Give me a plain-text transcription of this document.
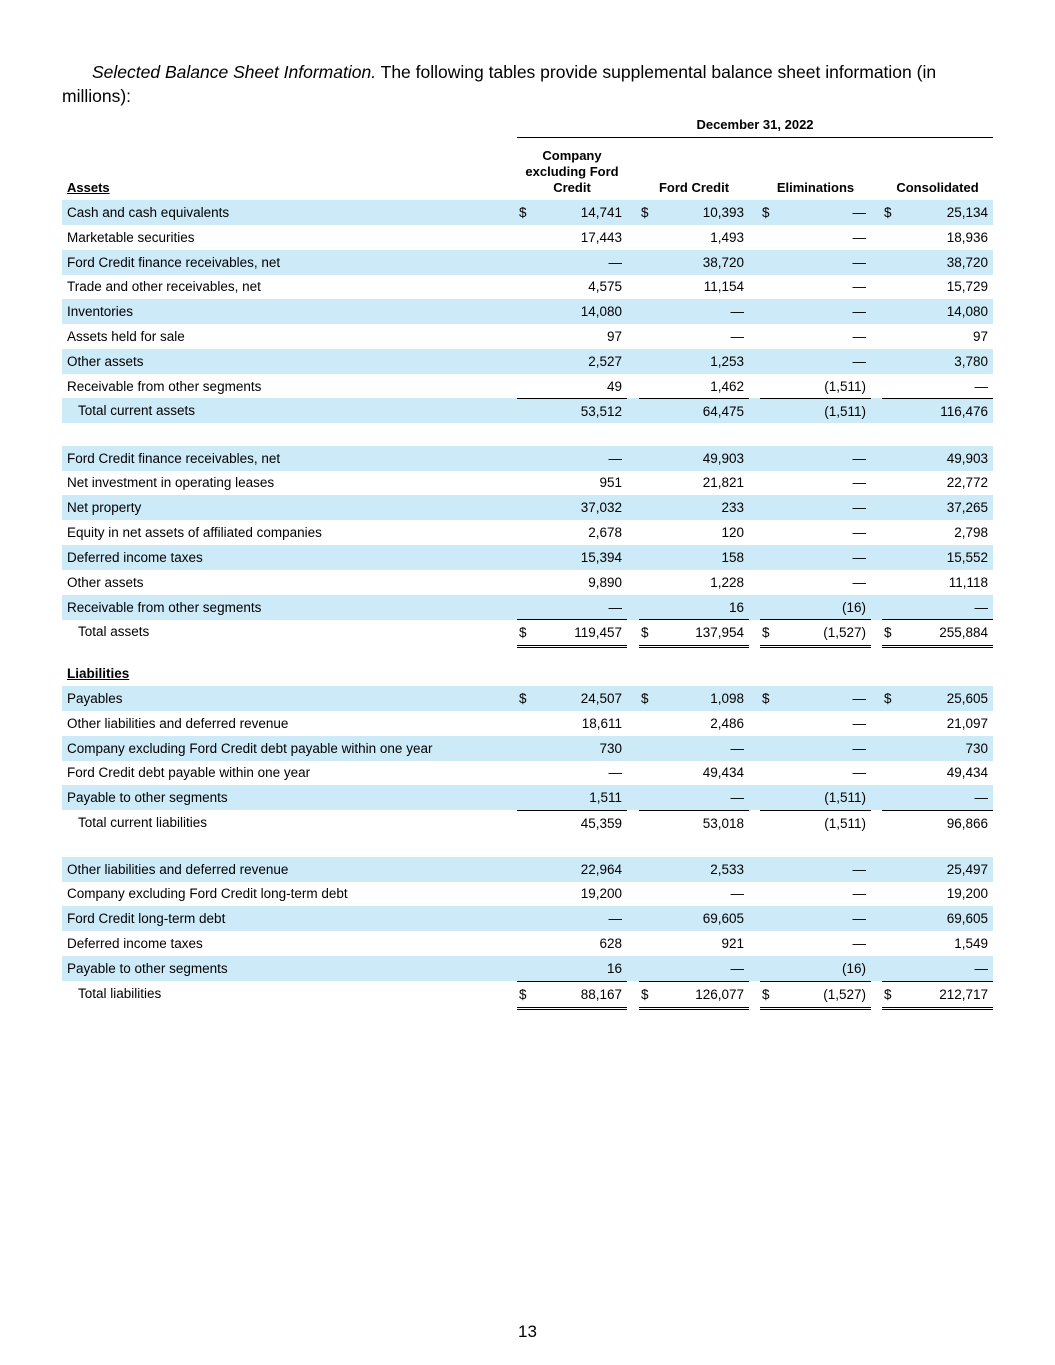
Selected Balance Sheet Information. The following tables provide supplemental balance sheet information (in millions):
December 31, 2022
Assets
Company excluding Ford Credit	Ford Credit	Eliminations	Consolidated
Cash and cash equivalents	$	14,741 $	10,393 $	— $	25,134
Marketable securities	17,443	1,493	—	18,936
Ford Credit finance receivables, net	—	38,720	—	38,720
Trade and other receivables, net	4,575	11,154	—	15,729
Inventories	14,080	—	—	14,080
Assets held for sale	97	—	—	97
Other assets	2,527	1,253	—	3,780
Receivable from other segments	49	1,462	(1,511)	—
Total current assets	53,512	64,475	(1,511)	116,476
Ford Credit finance receivables, net	—	49,903	—	49,903
Net investment in operating leases	951	21,821	—	22,772
Net property	37,032	233	—	37,265
Equity in net assets of affiliated companies	2,678	120	—	2,798
Deferred income taxes	15,394	158	—	15,552
Other assets	9,890	1,228	—	11,118
Receivable from other segments	—	16	(16)	—
Total assets	$	119,457 $	137,954 $	(1,527) $	255,884
Liabilities
Payables	$	24,507 $	1,098 $	— $	25,605
Other liabilities and deferred revenue	18,611	2,486	—	21,097
Company excluding Ford Credit debt payable within one year	730	—	—	730
Ford Credit debt payable within one year	—	49,434	—	49,434
Payable to other segments	1,511	—	(1,511)	—
Total current liabilities	45,359	53,018	(1,511)	96,866
Other liabilities and deferred revenue	22,964	2,533	—	25,497
Company excluding Ford Credit long-term debt	19,200	—	—	19,200
Ford Credit long-term debt	—	69,605	—	69,605
Deferred income taxes	628	921	—	1,549
Payable to other segments	16	—	(16)	—
Total liabilities	$	88,167 $	126,077 $	(1,527) $	212,717
13
